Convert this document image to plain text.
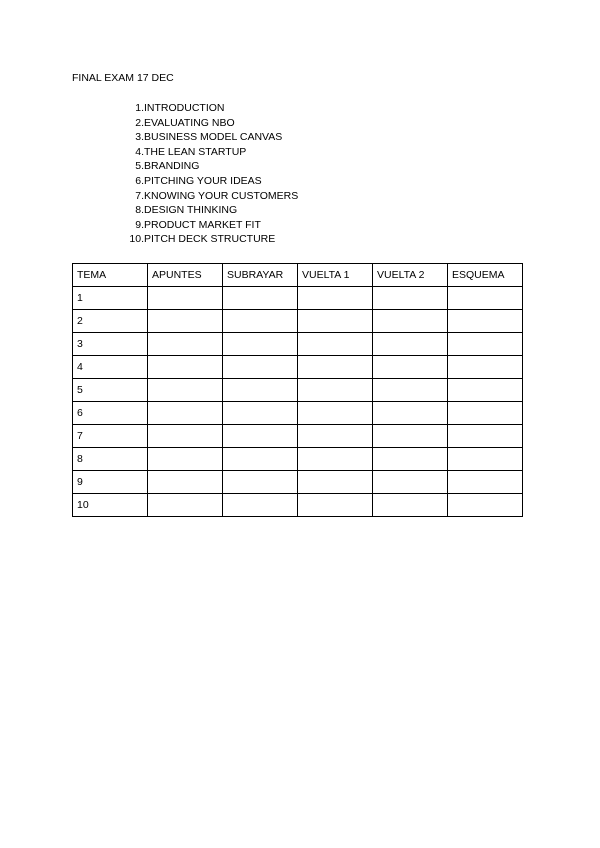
FINAL EXAM 17 DEC
1. INTRODUCTION
2. EVALUATING NBO
3. BUSINESS MODEL CANVAS
4. THE LEAN STARTUP
5. BRANDING
6. PITCHING YOUR IDEAS
7. KNOWING YOUR CUSTOMERS
8. DESIGN THINKING
9. PRODUCT MARKET FIT
10. PITCH DECK STRUCTURE
TEMA	APUNTES	SUBRAYAR	VUELTA 1	VUELTA 2	ESQUEMA
1					
2					
3					
4					
5					
6					
7					
8					
9					
10					
